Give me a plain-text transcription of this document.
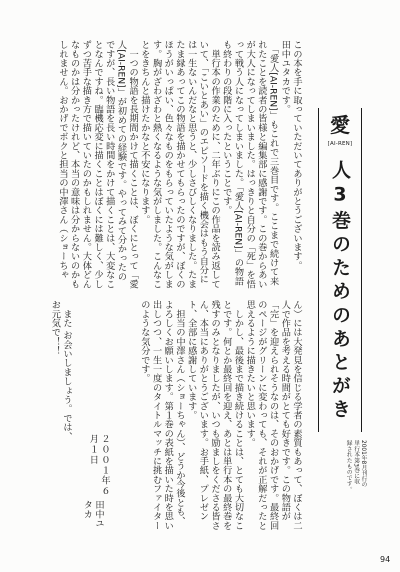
この本を手に取っていただいてありがとうございます。

田中ユタカです。

　「愛人[AI-REN]」もこれで三巻目です。ここまで続けて来れたことを読者の皆様と編集部に感謝です。この巻からあいが大人になってしまいました。はっきりと自分の「死」を悟って戦う人になってしまいました。「愛人[AI-REN]」の物語も終わりの段階に入ったということです。

　単行本の作業のために、二年ぶりにこの作品を読み返していて、「こいとあい」のエピソードを描く機会はもう自分には一生ないんだなと思うと、少しさびしくなりました。たまたま縁あってこの物語を描かせてもらったのですが、ぼくのほうがいっぱい、色々なものをもらっていたような気がします。胸がざわざわと熱くなるような気がしました。こんなことをきちんと描けたかなと不安になります。

　一つの物語を長期間かけて描くことは、ぼくにとって「愛人[AI-REN]」が初めての経験です。やってみて分かったのですが、長い物語を長い時間をかけて描くことは、大変なことなんですね。臨機応変に描くことはぼくには難しく、少しずつ苦手な描き方で描いていたのかもしれません。大体どんなものかは分かったけれど、本当の意味は分からないのかもしれません。おかげでボクと担当の中澤さん（ショーちゃ

ん）には大発見を信じる学者の素質もあって、ぼくは二人で作品を考える時間がとても好きです。この物語が「完」を迎えられそうなのは、そのおかげです。最終回のページがグリーンに変わっても、それが正解だったと思えるように描きたいと思います。

　しかし、最後まで描き続けることは、とても大切なことです。何とか最終回を迎え、あとは単行本の最終巻を残すのみとなりましたが、いつも励ましをくださる皆さん、本当にありがとうございます。お手紙、プレゼント、全部に感謝しています。

　担当の中澤さん（ショーちゃん）、どうか今後とも、よろしくお願いします。第１巻の表紙を描いた時を思い出しつつ、一生一度のタイトルマッチに挑むファイターのような気分です。

　また お会いしましょう。では、お元気で！！
２００１年６月１日
田中ユタカ
愛
[AI-REN]
人3巻のためのあとがき

2001年8月刊行の

単行本第3巻に収

録されたものです。

94
